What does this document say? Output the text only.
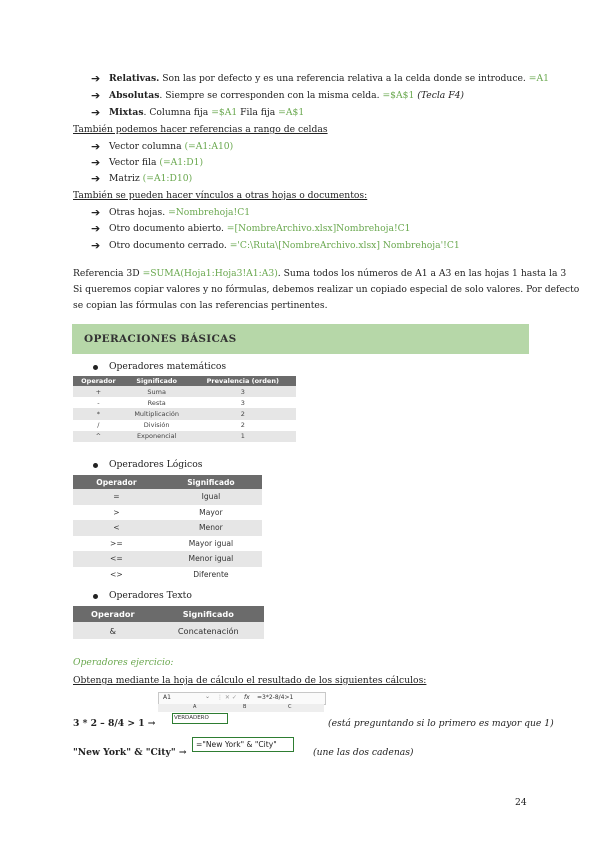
➔ Relativas. Son las por defecto y es una referencia relativa a la celda donde se introduce. =A1
➔ Absolutas. Siempre se corresponden con la misma celda. =$A$1 (Tecla F4)
➔ Mixtas. Columna fija =$A1 Fila fija =A$1
También podemos hacer referencias a rango de celdas
➔ Vector columna (=A1:A10)
➔ Vector fila (=A1:D1)
➔ Matriz (=A1:D10)
También se pueden hacer vínculos a otras hojas o documentos:
➔ Otras hojas. =Nombrehoja!C1
➔ Otro documento abierto. =[NombreArchivo.xlsx]Nombrehoja!C1
➔ Otro documento cerrado. ='C:\Ruta\[NombreArchivo.xlsx] Nombrehoja'!C1
Referencia 3D =SUMA(Hoja1:Hoja3!A1:A3). Suma todos los números de A1 a A3 en las hojas 1 hasta la 3
Si queremos copiar valores y no fórmulas, debemos realizar un copiado especial de solo valores. Por defecto
se copian las fórmulas con las referencias pertinentes.
OPERACIONES BÁSICAS
Operadores matemáticos
Operador	Significado	Prevalencia (orden)
+	Suma	3
-	Resta	3
*	Multiplicación	2
/	División	2
^	Exponencial	1
Operadores Lógicos
Operador	Significado
=	Igual
>	Mayor
<	Menor
>=	Mayor igual
<=	Menor igual
<>	Diferente
Operadores Texto
Operador	Significado
&	Concatenación
Operadores ejercicio:
Obtenga mediante la hoja de cálculo el resultado de los siguientes cálculos:
A1	⌄ ⋮ ✕ ✓ fx =3*2-8/4>1
A	B	C
VERDADERO
3 * 2 – 8/4 > 1 →	(está preguntando si lo primero es mayor que 1)
"New York" & "City" →
="New York" & "City"
(une las dos cadenas)
24
